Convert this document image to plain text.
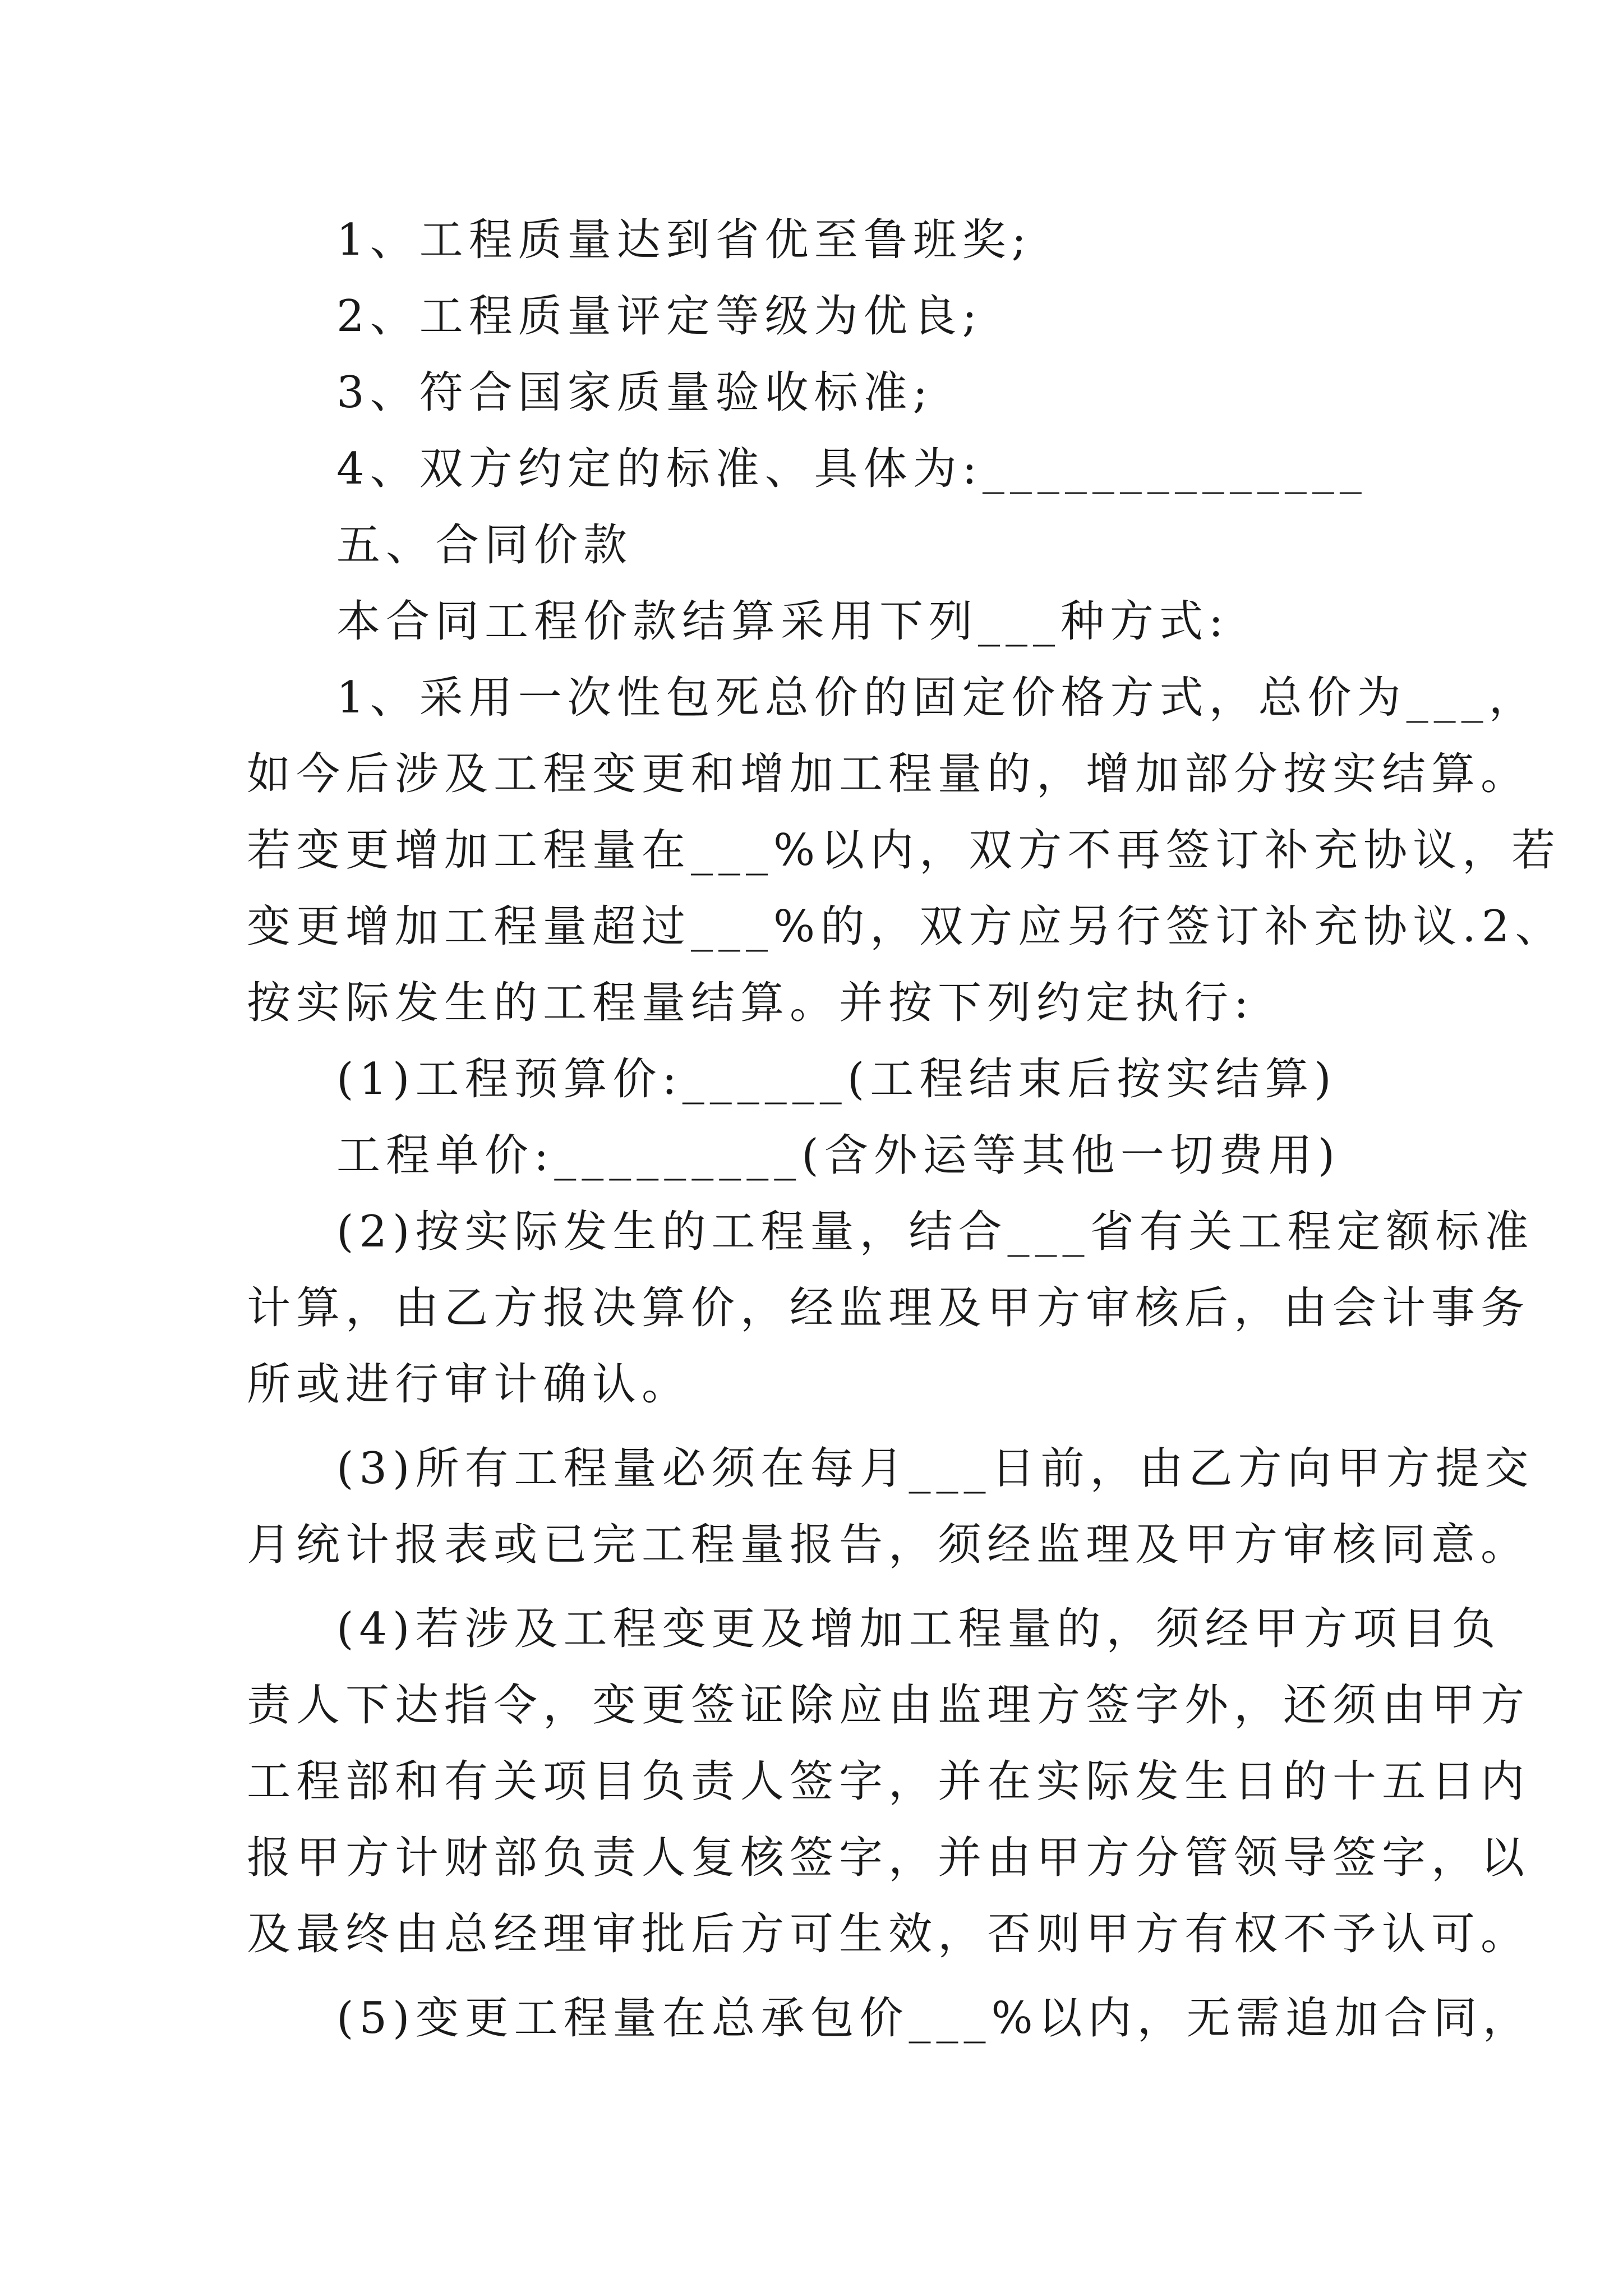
1、工程质量达到省优至鲁班奖;

2、工程质量评定等级为优良;

3、符合国家质量验收标准;

4、双方约定的标准、具体为:______________

五、合同价款

本合同工程价款结算采用下列___种方式:

1、采用一次性包死总价的固定价格方式，总价为___，

如今后涉及工程变更和增加工程量的，增加部分按实结算。

若变更增加工程量在___%以内，双方不再签订补充协议，若

变更增加工程量超过___%的，双方应另行签订补充协议.2、

按实际发生的工程量结算。并按下列约定执行:

(1)工程预算价:______(工程结束后按实结算)

工程单价:_________(含外运等其他一切费用)

(2)按实际发生的工程量，结合___省有关工程定额标准

计算，由乙方报决算价，经监理及甲方审核后，由会计事务

所或进行审计确认。

(3)所有工程量必须在每月___日前，由乙方向甲方提交

月统计报表或已完工程量报告，须经监理及甲方审核同意。

(4)若涉及工程变更及增加工程量的，须经甲方项目负

责人下达指令，变更签证除应由监理方签字外，还须由甲方

工程部和有关项目负责人签字，并在实际发生日的十五日内

报甲方计财部负责人复核签字，并由甲方分管领导签字，以

及最终由总经理审批后方可生效，否则甲方有权不予认可。

(5)变更工程量在总承包价___%以内，无需追加合同，
